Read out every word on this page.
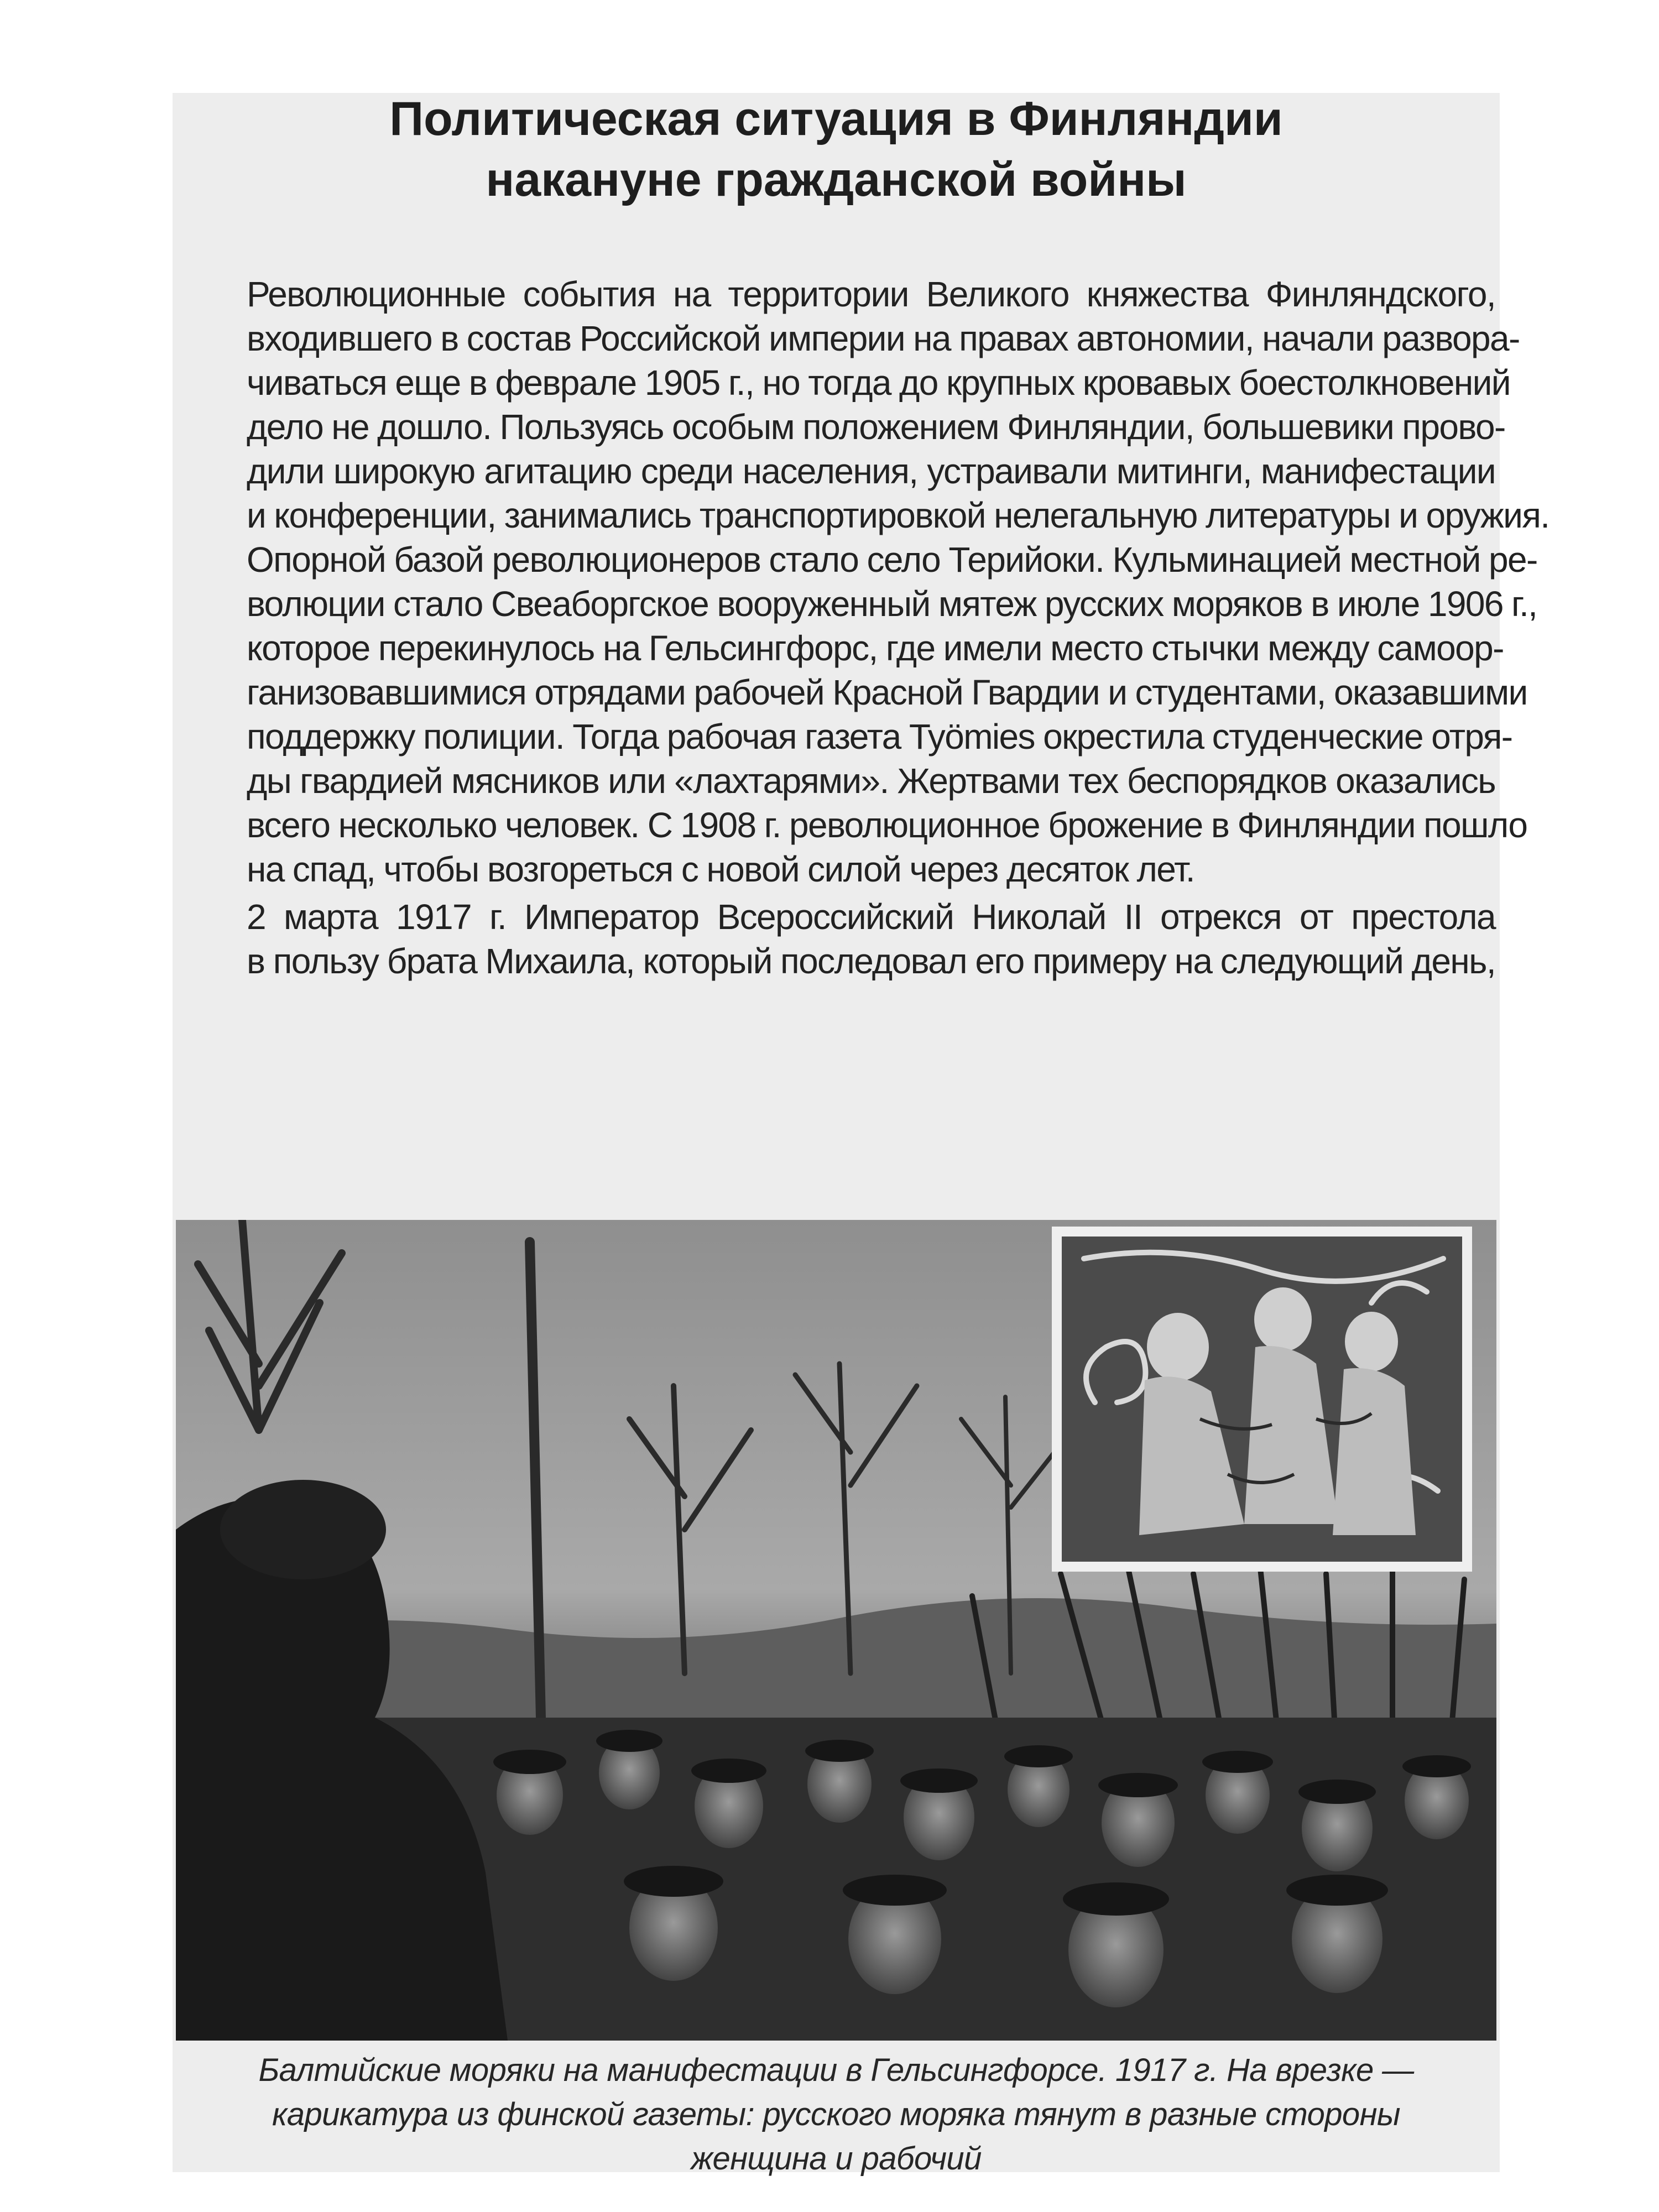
Политическая ситуация в Финляндии
накануне гражданской войны

Революционные события на территории Великого княжества Финляндского,
входившего в состав Российской империи на правах автономии, начали развора-
чиваться еще в феврале 1905 г., но тогда до крупных кровавых боестолкновений
дело не дошло. Пользуясь особым положением Финляндии, большевики прово-
дили широкую агитацию среди населения, устраивали митинги, манифестации
и конференции, занимались транспортировкой нелегальную литературы и оружия.
Опорной базой революционеров стало село Терийоки. Кульминацией местной ре-
волюции стало Свеаборгское вооруженный мятеж русских моряков в июле 1906 г.,
которое перекинулось на Гельсингфорс, где имели место стычки между самоор-
ганизовавшимися отрядами рабочей Красной Гвардии и студентами, оказавшими
поддержку полиции. Тогда рабочая газета Työmies окрестила студенческие отря-
ды гвардией мясников или «лахтарями». Жертвами тех беспорядков оказались
всего несколько человек. С 1908 г. революционное брожение в Финляндии пошло
на спад, чтобы возгореться с новой силой через десяток лет.

2 марта 1917 г. Император Всероссийский Николай II отрекся от престола
в пользу брата Михаила, который последовал его примеру на следующий день,

Балтийские моряки на манифестации в Гельсингфорсе. 1917 г. На врезке —
карикатура из финской газеты: русского моряка тянут в разные стороны
женщина и рабочий
